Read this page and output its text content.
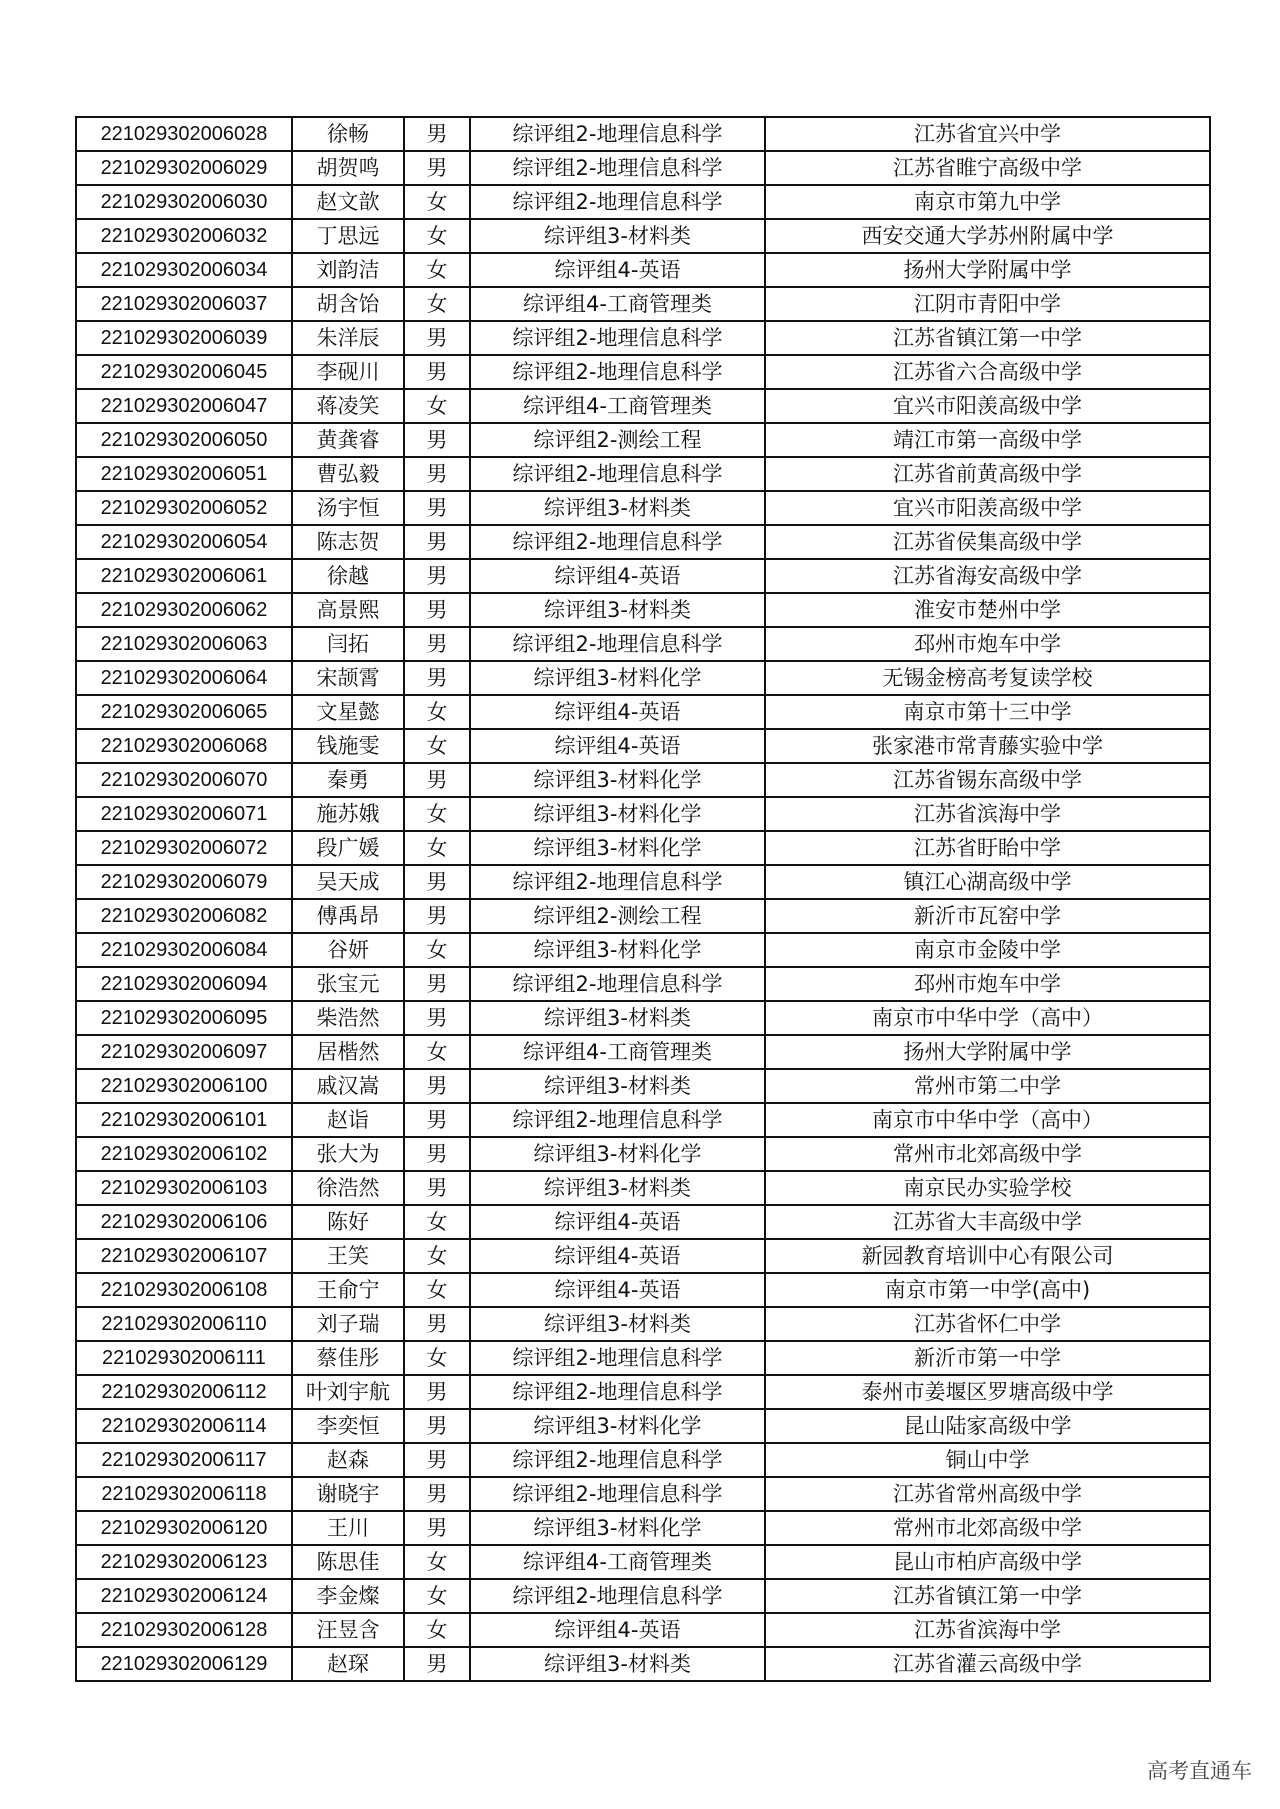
221029302006028	徐畅	男	综评组2-地理信息科学	江苏省宜兴中学
221029302006029	胡贺鸣	男	综评组2-地理信息科学	江苏省睢宁高级中学
221029302006030	赵文歆	女	综评组2-地理信息科学	南京市第九中学
221029302006032	丁思远	女	综评组3-材料类	西安交通大学苏州附属中学
221029302006034	刘韵洁	女	综评组4-英语	扬州大学附属中学
221029302006037	胡含饴	女	综评组4-工商管理类	江阴市青阳中学
221029302006039	朱洋辰	男	综评组2-地理信息科学	江苏省镇江第一中学
221029302006045	李砚川	男	综评组2-地理信息科学	江苏省六合高级中学
221029302006047	蒋凌笑	女	综评组4-工商管理类	宜兴市阳羡高级中学
221029302006050	黄龚睿	男	综评组2-测绘工程	靖江市第一高级中学
221029302006051	曹弘毅	男	综评组2-地理信息科学	江苏省前黄高级中学
221029302006052	汤宇恒	男	综评组3-材料类	宜兴市阳羡高级中学
221029302006054	陈志贺	男	综评组2-地理信息科学	江苏省侯集高级中学
221029302006061	徐越	男	综评组4-英语	江苏省海安高级中学
221029302006062	高景熙	男	综评组3-材料类	淮安市楚州中学
221029302006063	闫拓	男	综评组2-地理信息科学	邳州市炮车中学
221029302006064	宋颉霄	男	综评组3-材料化学	无锡金榜高考复读学校
221029302006065	文星懿	女	综评组4-英语	南京市第十三中学
221029302006068	钱施雯	女	综评组4-英语	张家港市常青藤实验中学
221029302006070	秦勇	男	综评组3-材料化学	江苏省锡东高级中学
221029302006071	施苏娥	女	综评组3-材料化学	江苏省滨海中学
221029302006072	段广媛	女	综评组3-材料化学	江苏省盱眙中学
221029302006079	吴天成	男	综评组2-地理信息科学	镇江心湖高级中学
221029302006082	傅禹昂	男	综评组2-测绘工程	新沂市瓦窑中学
221029302006084	谷妍	女	综评组3-材料化学	南京市金陵中学
221029302006094	张宝元	男	综评组2-地理信息科学	邳州市炮车中学
221029302006095	柴浩然	男	综评组3-材料类	南京市中华中学（高中）
221029302006097	居楷然	女	综评组4-工商管理类	扬州大学附属中学
221029302006100	戚汉嵩	男	综评组3-材料类	常州市第二中学
221029302006101	赵诣	男	综评组2-地理信息科学	南京市中华中学（高中）
221029302006102	张大为	男	综评组3-材料化学	常州市北郊高级中学
221029302006103	徐浩然	男	综评组3-材料类	南京民办实验学校
221029302006106	陈好	女	综评组4-英语	江苏省大丰高级中学
221029302006107	王笑	女	综评组4-英语	新园教育培训中心有限公司
221029302006108	王俞宁	女	综评组4-英语	南京市第一中学(高中)
221029302006110	刘子瑞	男	综评组3-材料类	江苏省怀仁中学
221029302006111	蔡佳彤	女	综评组2-地理信息科学	新沂市第一中学
221029302006112	叶刘宇航	男	综评组2-地理信息科学	泰州市姜堰区罗塘高级中学
221029302006114	李奕恒	男	综评组3-材料化学	昆山陆家高级中学
221029302006117	赵森	男	综评组2-地理信息科学	铜山中学
221029302006118	谢晓宇	男	综评组2-地理信息科学	江苏省常州高级中学
221029302006120	王川	男	综评组3-材料化学	常州市北郊高级中学
221029302006123	陈思佳	女	综评组4-工商管理类	昆山市柏庐高级中学
221029302006124	李金燦	女	综评组2-地理信息科学	江苏省镇江第一中学
221029302006128	汪昱含	女	综评组4-英语	江苏省滨海中学
221029302006129	赵琛	男	综评组3-材料类	江苏省灌云高级中学
高考直通车
